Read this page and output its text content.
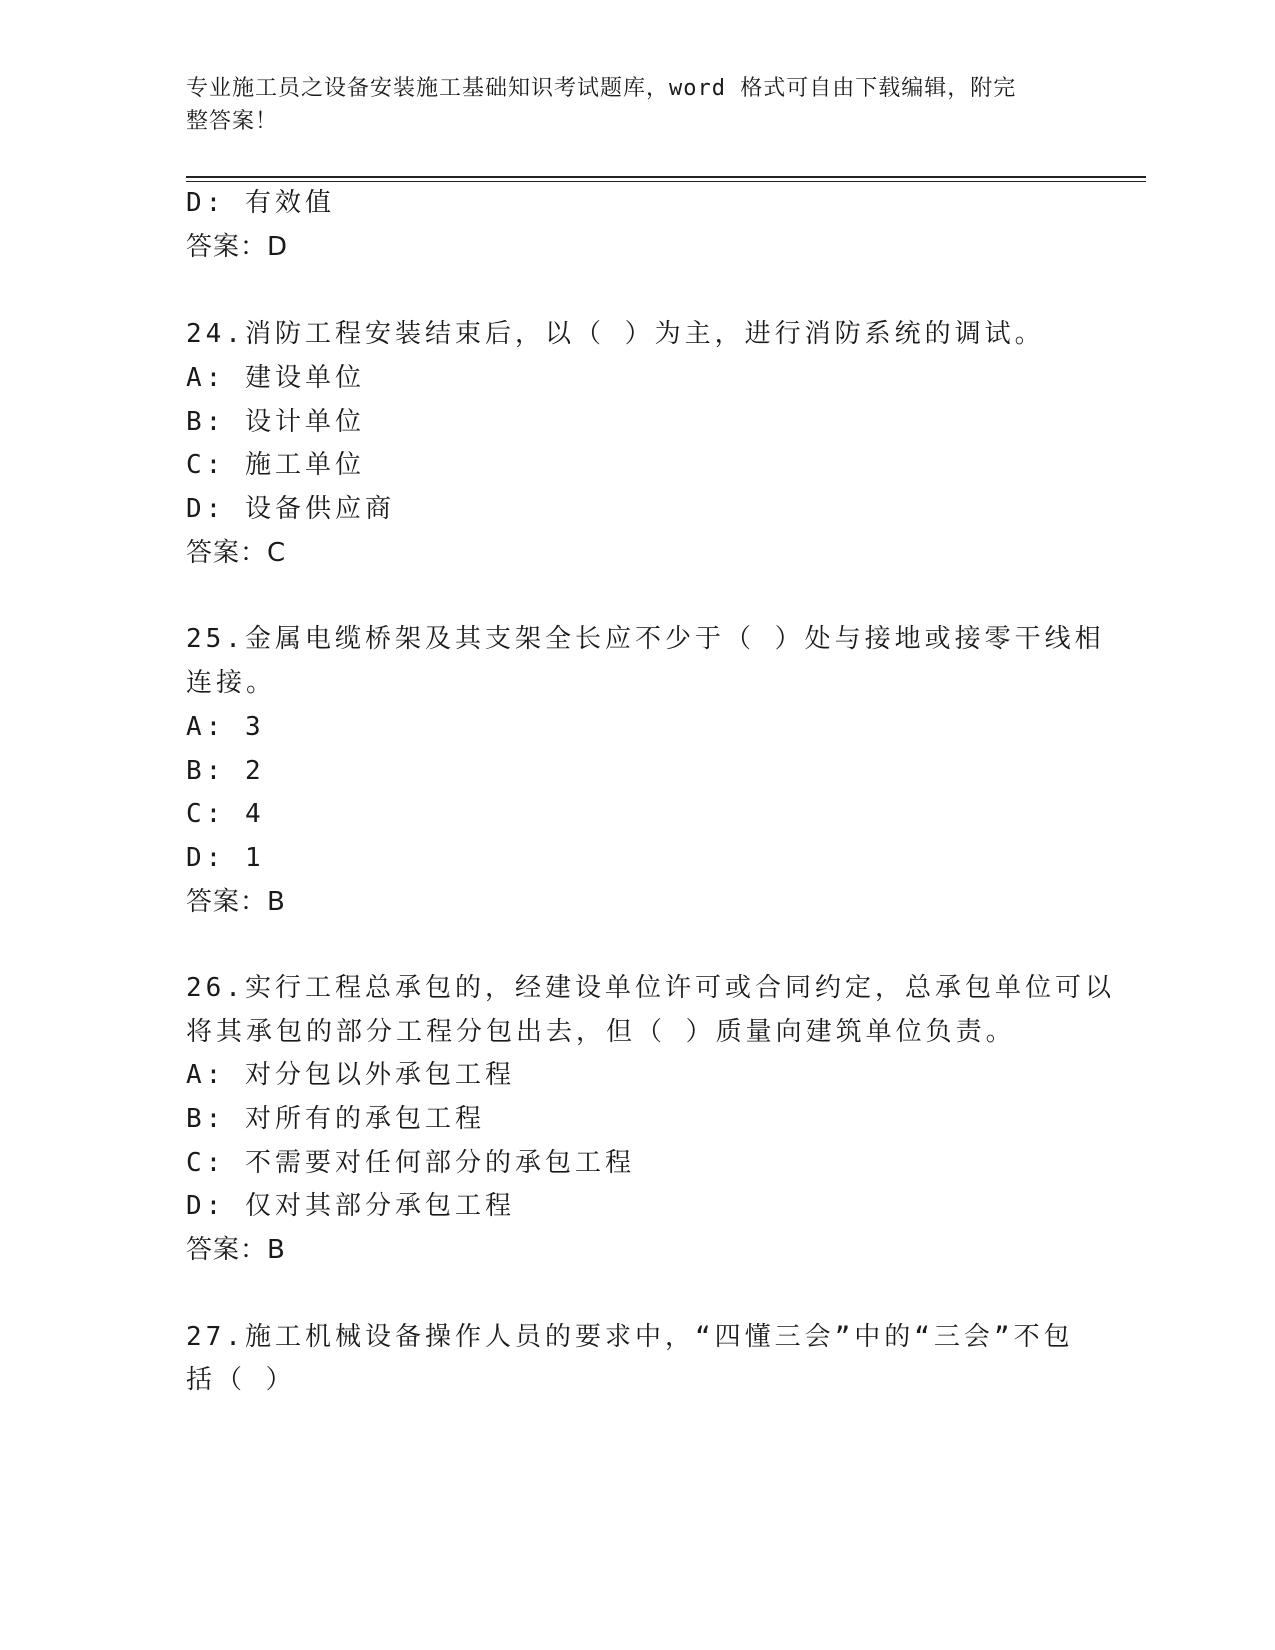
专业施工员之设备安装施工基础知识考试题库，word 格式可自由下载编辑，附完
整答案！
D: 有效值
答案：D
24.消防工程安装结束后，以（ ）为主，进行消防系统的调试。
A: 建设单位
B: 设计单位
C: 施工单位
D: 设备供应商
答案：C
25.金属电缆桥架及其支架全长应不少于（ ）处与接地或接零干线相
连接。
A: 3
B: 2
C: 4
D: 1
答案：B
26.实行工程总承包的，经建设单位许可或合同约定，总承包单位可以
将其承包的部分工程分包出去，但（ ）质量向建筑单位负责。
A: 对分包以外承包工程
B: 对所有的承包工程
C: 不需要对任何部分的承包工程
D: 仅对其部分承包工程
答案：B
27.施工机械设备操作人员的要求中，“四懂三会”中的“三会”不包
括（ ）
